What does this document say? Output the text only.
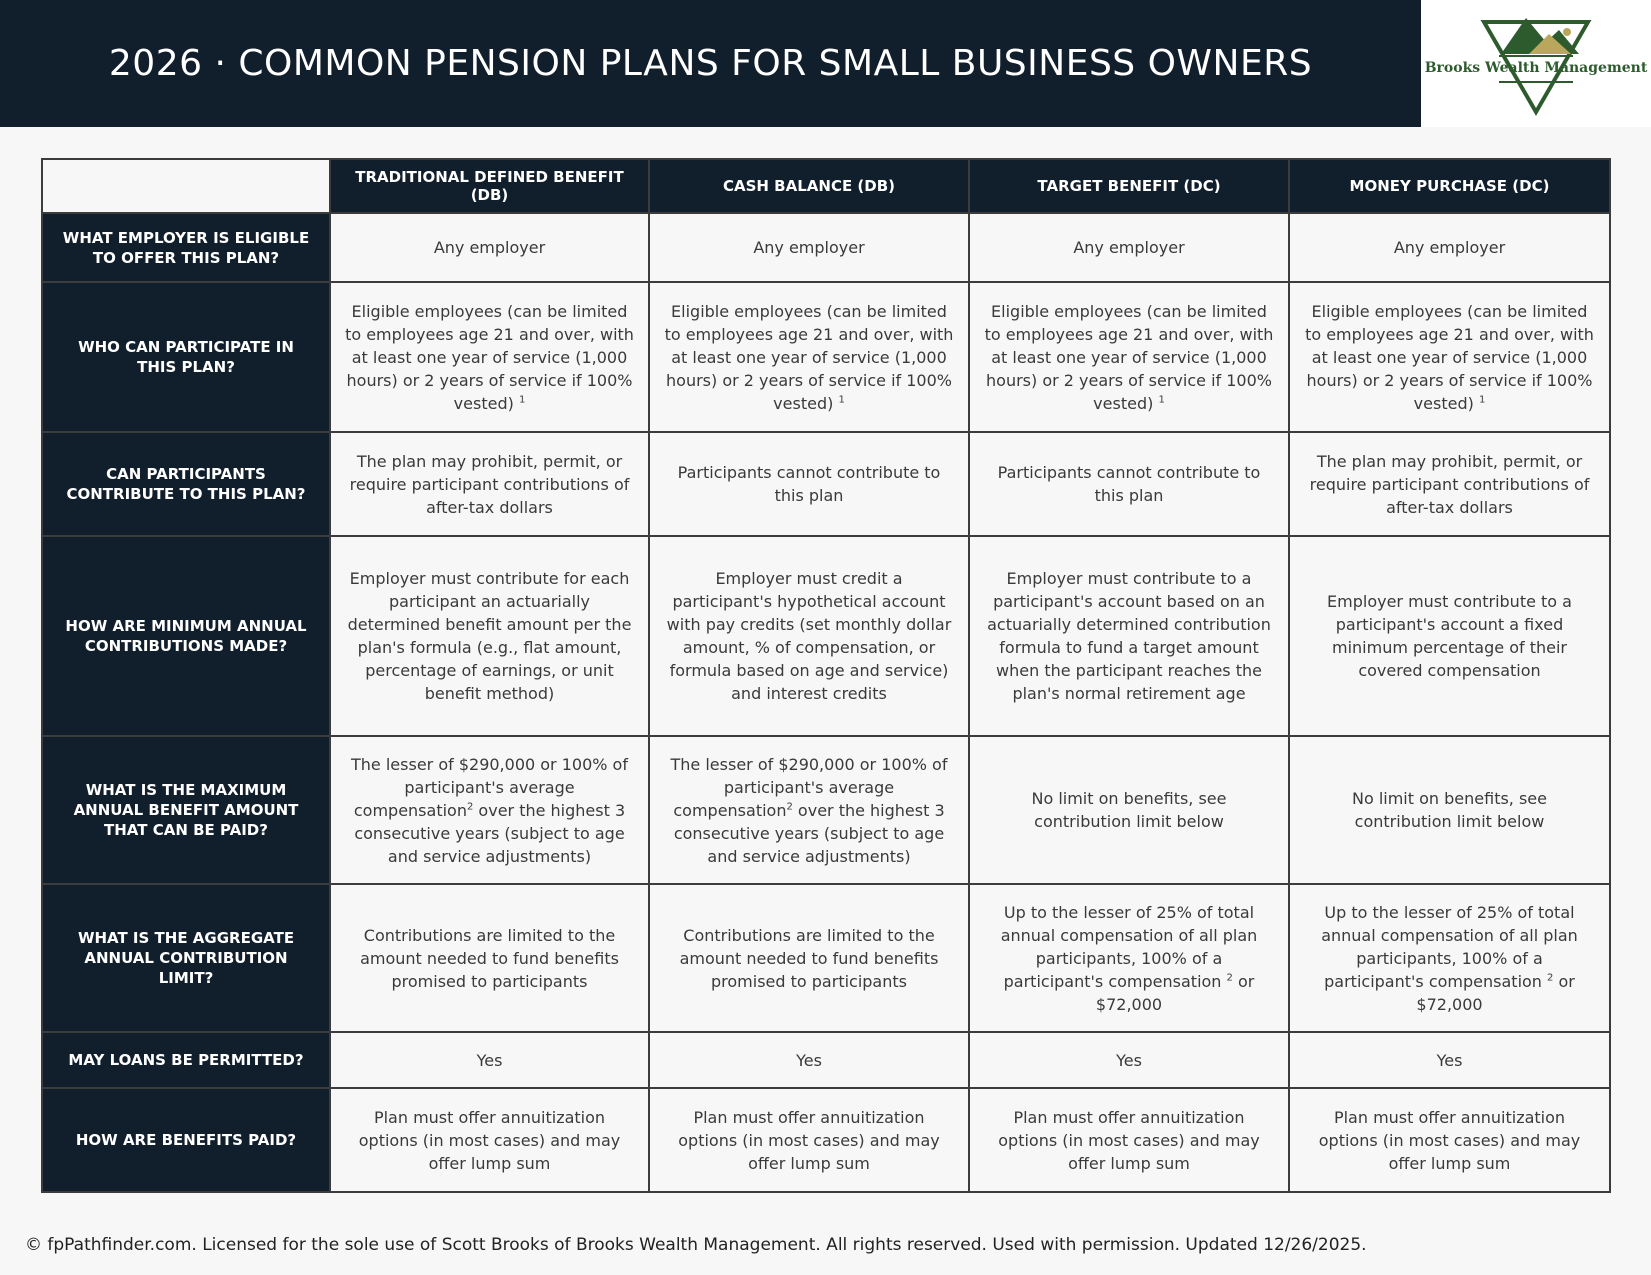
2026 · COMMON PENSION PLANS FOR SMALL BUSINESS OWNERS	Brooks Wealth Management
	TRADITIONAL DEFINED BENEFIT (DB)	CASH BALANCE (DB)	TARGET BENEFIT (DC)	MONEY PURCHASE (DC)
WHAT EMPLOYER IS ELIGIBLE TO OFFER THIS PLAN?	Any employer	Any employer	Any employer	Any employer
WHO CAN PARTICIPATE IN THIS PLAN?	Eligible employees (can be limited to employees age 21 and over, with at least one year of service (1,000 hours) or 2 years of service if 100% vested) $^1$	Eligible employees (can be limited to employees age 21 and over, with at least one year of service (1,000 hours) or 2 years of service if 100% vested) $^1$	Eligible employees (can be limited to employees age 21 and over, with at least one year of service (1,000 hours) or 2 years of service if 100% vested) $^1$	Eligible employees (can be limited to employees age 21 and over, with at least one year of service (1,000 hours) or 2 years of service if 100% vested) $^1$
CAN PARTICIPANTS CONTRIBUTE TO THIS PLAN?	The plan may prohibit, permit, or require participant contributions of after-tax dollars	Participants cannot contribute to this plan	Participants cannot contribute to this plan	The plan may prohibit, permit, or require participant contributions of after-tax dollars
HOW ARE MINIMUM ANNUAL CONTRIBUTIONS MADE?	Employer must contribute for each participant an actuarially determined benefit amount per the plan's formula (e.g., flat amount, percentage of earnings, or unit benefit method)	Employer must credit a participant's hypothetical account with pay credits (set monthly dollar amount, % of compensation, or formula based on age and service) and interest credits	Employer must contribute to a participant's account based on an actuarially determined contribution formula to fund a target amount when the participant reaches the plan's normal retirement age	Employer must contribute to a participant's account a fixed minimum percentage of their covered compensation
WHAT IS THE MAXIMUM ANNUAL BENEFIT AMOUNT THAT CAN BE PAID?	The lesser of $290,000 or 100% of participant's average compensation$^2$ over the highest 3 consecutive years (subject to age and service adjustments)	The lesser of $290,000 or 100% of participant's average compensation$^2$ over the highest 3 consecutive years (subject to age and service adjustments)	No limit on benefits, see contribution limit below	No limit on benefits, see contribution limit below
WHAT IS THE AGGREGATE ANNUAL CONTRIBUTION LIMIT?	Contributions are limited to the amount needed to fund benefits promised to participants	Contributions are limited to the amount needed to fund benefits promised to participants	Up to the lesser of 25% of total annual compensation of all plan participants, 100% of a participant's compensation $^2$ or $72,000	Up to the lesser of 25% of total annual compensation of all plan participants, 100% of a participant's compensation $^2$ or $72,000
MAY LOANS BE PERMITTED?	Yes	Yes	Yes	Yes
HOW ARE BENEFITS PAID?	Plan must offer annuitization options (in most cases) and may offer lump sum	Plan must offer annuitization options (in most cases) and may offer lump sum	Plan must offer annuitization options (in most cases) and may offer lump sum	Plan must offer annuitization options (in most cases) and may offer lump sum
© fpPathfinder.com. Licensed for the sole use of Scott Brooks of Brooks Wealth Management. All rights reserved. Used with permission. Updated 12/26/2025.
